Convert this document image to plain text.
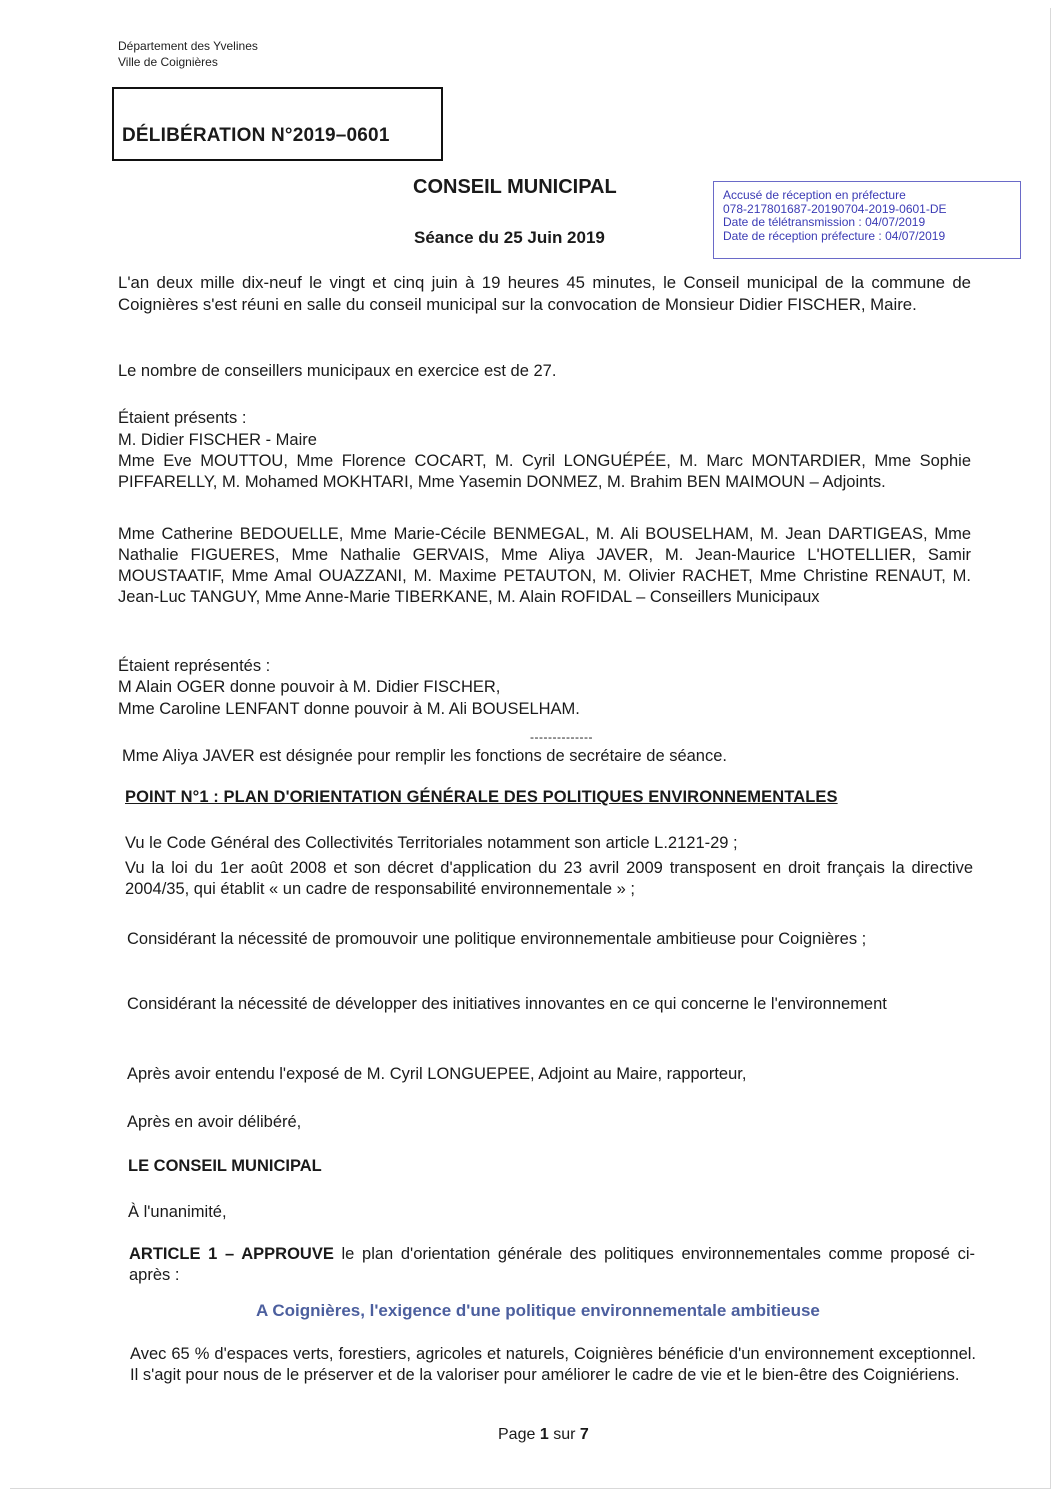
Département des Yvelines
Ville de Coignières
DÉLIBÉRATION N°2019–0601
CONSEIL MUNICIPAL
Séance du 25 Juin 2019
Accusé de réception en préfecture
078-217801687-20190704-2019-0601-DE
Date de télétransmission : 04/07/2019
Date de réception préfecture : 04/07/2019
L'an deux mille dix-neuf le vingt et cinq juin à 19 heures 45 minutes, le Conseil municipal de la commune de Coignières s'est réuni en salle du conseil municipal sur la convocation de Monsieur Didier FISCHER, Maire.
Le nombre de conseillers municipaux en exercice est de 27.
Étaient présents :
M. Didier FISCHER - Maire
Mme Eve MOUTTOU, Mme Florence COCART, M. Cyril LONGUÉPÉE, M. Marc MONTARDIER, Mme Sophie PIFFARELLY, M. Mohamed MOKHTARI, Mme Yasemin DONMEZ, M. Brahim BEN MAIMOUN – Adjoints.
Mme Catherine BEDOUELLE, Mme Marie-Cécile BENMEGAL, M. Ali BOUSELHAM, M. Jean DARTIGEAS, Mme Nathalie FIGUERES, Mme Nathalie GERVAIS, Mme Aliya JAVER, M. Jean-Maurice L'HOTELLIER, Samir MOUSTAATIF, Mme Amal OUAZZANI, M. Maxime PETAUTON, M. Olivier RACHET, Mme Christine RENAUT, M. Jean-Luc TANGUY, Mme Anne-Marie TIBERKANE, M. Alain ROFIDAL – Conseillers Municipaux
Étaient représentés :
M Alain OGER donne pouvoir à M. Didier FISCHER,
Mme Caroline LENFANT donne pouvoir à M. Ali BOUSELHAM.
--------------
Mme Aliya JAVER est désignée pour remplir les fonctions de secrétaire de séance.
POINT N°1 : PLAN D'ORIENTATION GÉNÉRALE DES POLITIQUES ENVIRONNEMENTALES
Vu le Code Général des Collectivités Territoriales notamment son article L.2121-29 ;
Vu la loi du 1er août 2008 et son décret d'application du 23 avril 2009 transposent en droit français la directive 2004/35, qui établit « un cadre de responsabilité environnementale » ;
Considérant la nécessité de promouvoir une politique environnementale ambitieuse pour Coignières ;
Considérant la nécessité de développer des initiatives innovantes en ce qui concerne le l'environnement
Après avoir entendu l'exposé de M. Cyril LONGUEPEE, Adjoint au Maire, rapporteur,
Après en avoir délibéré,
LE CONSEIL MUNICIPAL
À l'unanimité,
ARTICLE 1 – APPROUVE le plan d'orientation générale des politiques environnementales comme proposé ci-après :
A Coignières, l'exigence d'une politique environnementale ambitieuse
Avec 65 % d'espaces verts, forestiers, agricoles et naturels, Coignières bénéficie d'un environnement exceptionnel. Il s'agit pour nous de le préserver et de la valoriser pour améliorer le cadre de vie et le bien-être des Coigniériens.
Page 1 sur 7
